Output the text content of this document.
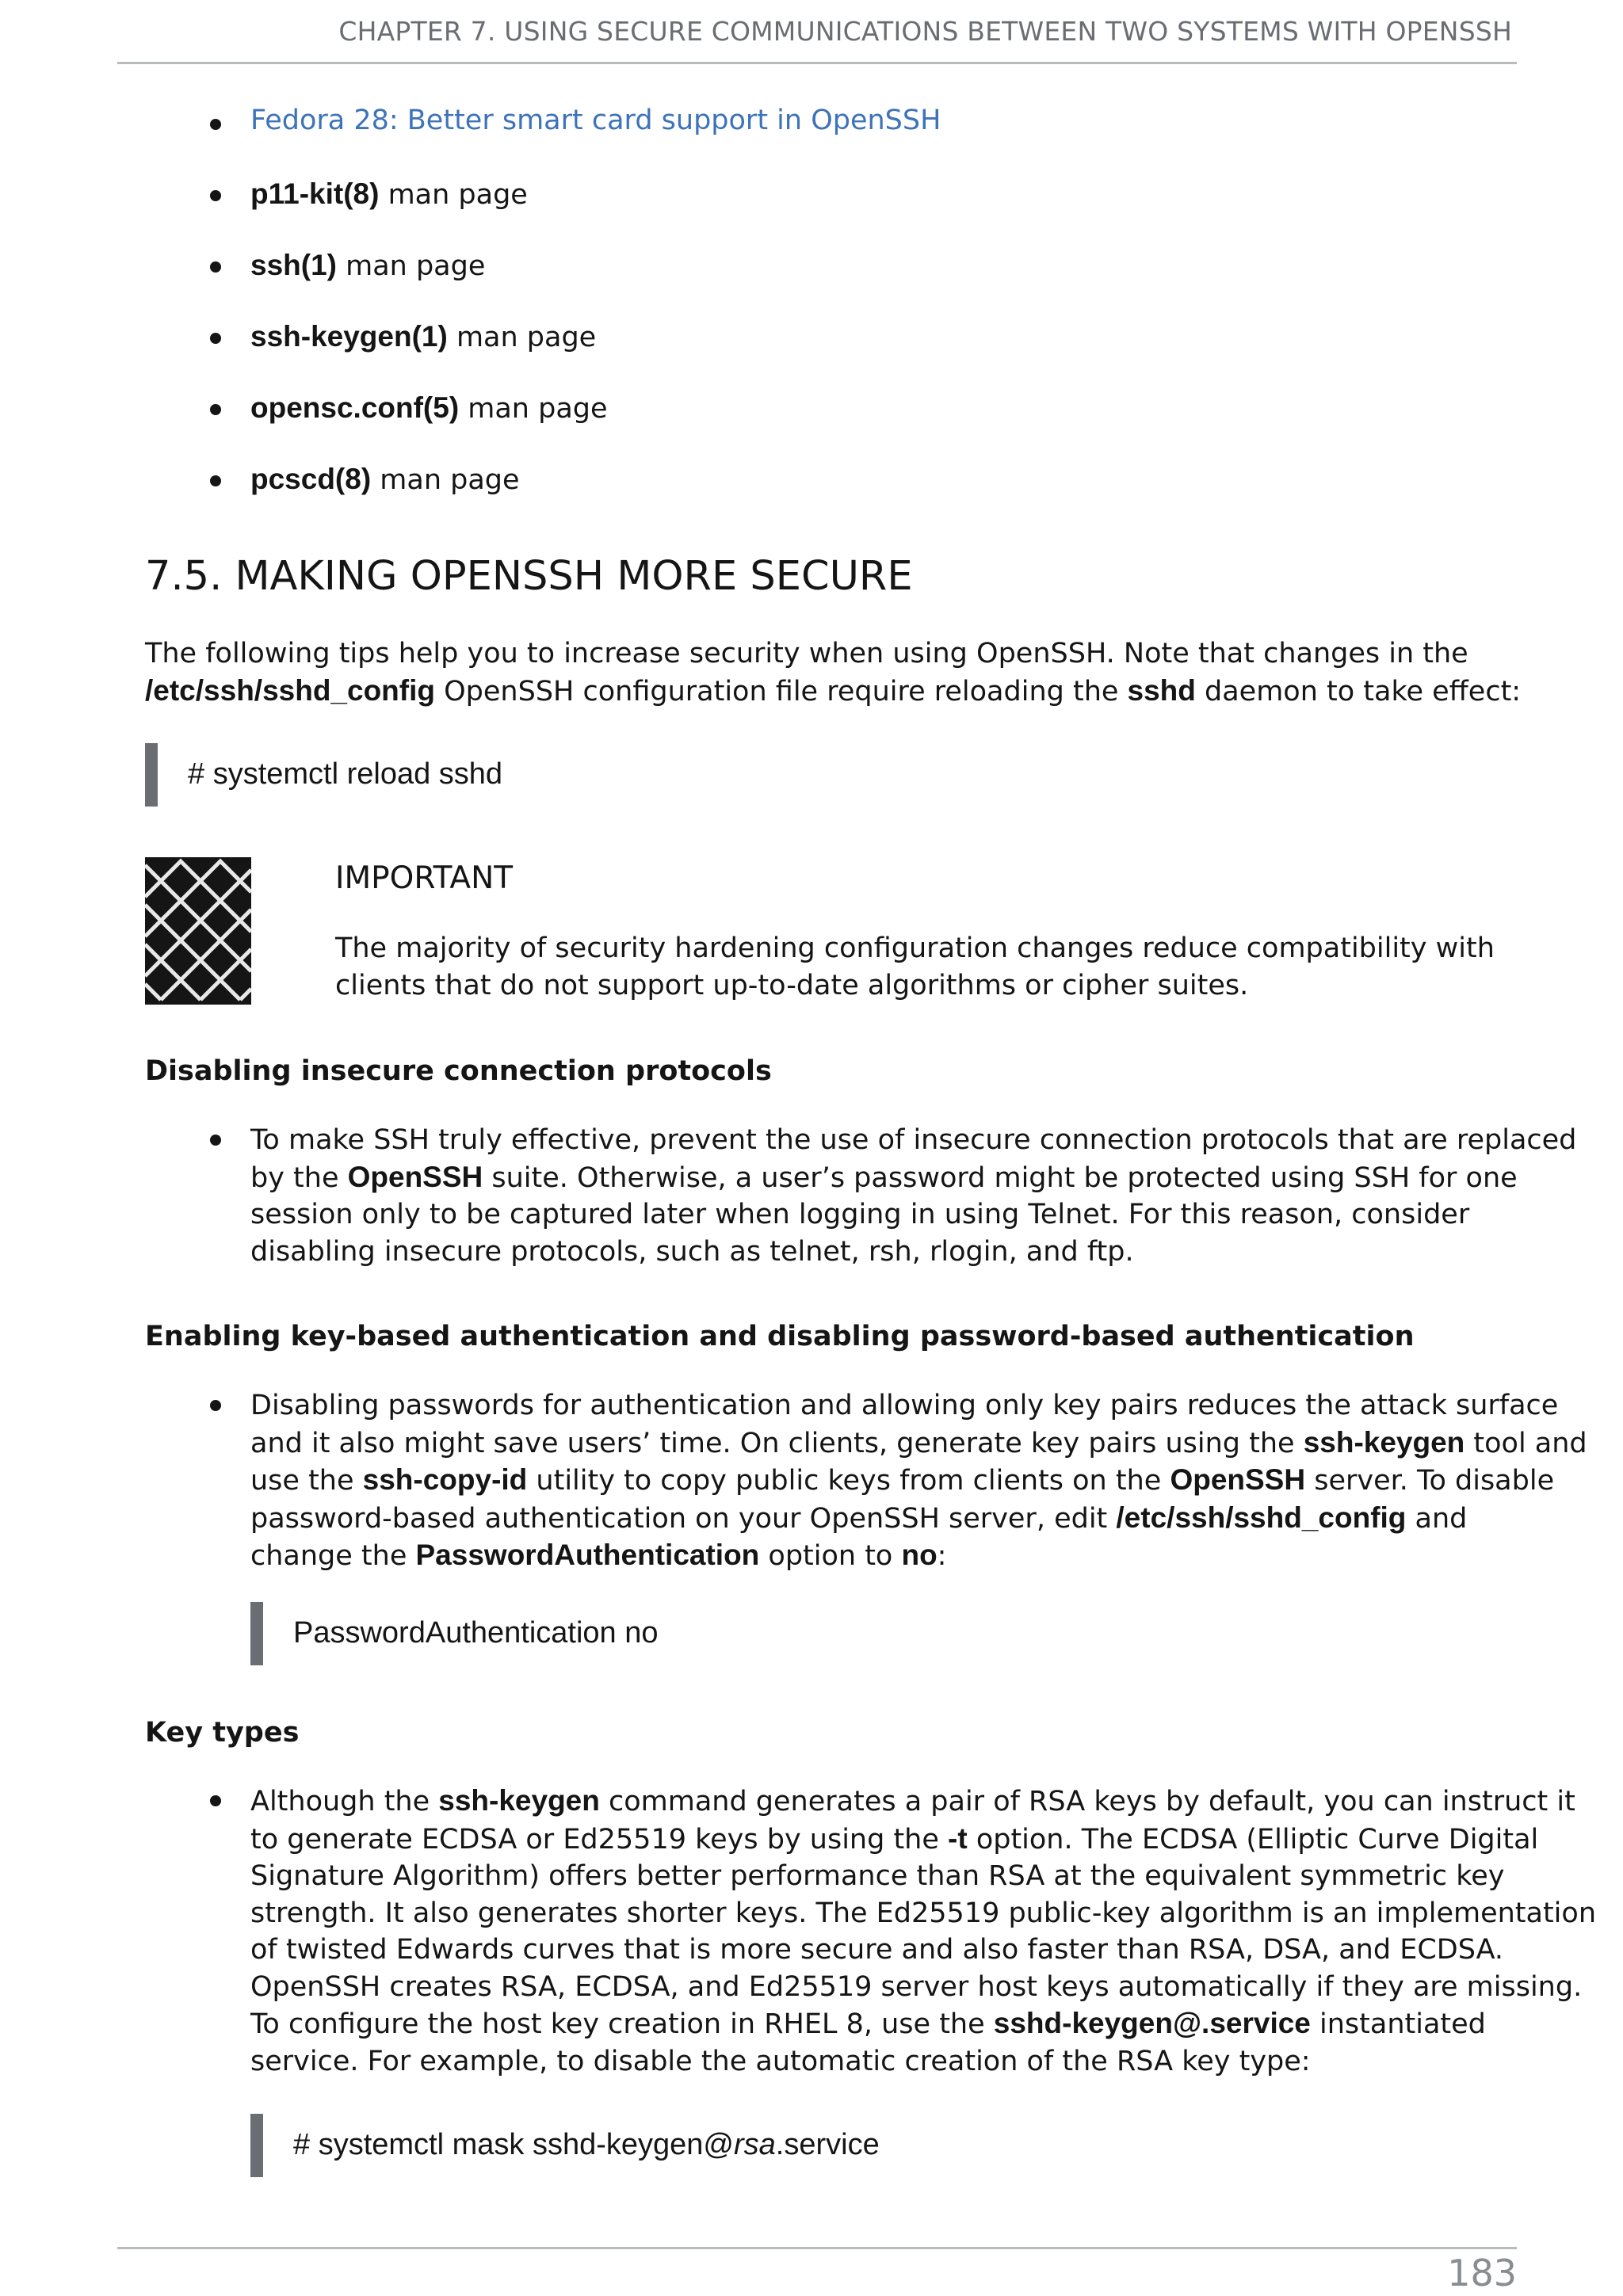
CHAPTER 7. USING SECURE COMMUNICATIONS BETWEEN TWO SYSTEMS WITH OPENSSH
Fedora 28: Better smart card support in OpenSSH
p11-kit(8) man page
ssh(1) man page
ssh-keygen(1) man page
opensc.conf(5) man page
pcscd(8) man page
7.5. MAKING OPENSSH MORE SECURE

The following tips help you to increase security when using OpenSSH. Note that changes in the
/etc/ssh/sshd_config OpenSSH configuration file require reloading the sshd daemon to take effect:

# systemctl reload sshd
IMPORTANT

The majority of security hardening configuration changes reduce compatibility with
clients that do not support up-to-date algorithms or cipher suites.

Disabling insecure connection protocols

To make SSH truly effective, prevent the use of insecure connection protocols that are replaced
by the OpenSSH suite. Otherwise, a user’s password might be protected using SSH for one
session only to be captured later when logging in using Telnet. For this reason, consider
disabling insecure protocols, such as telnet, rsh, rlogin, and ftp.

Enabling key-based authentication and disabling password-based authentication

Disabling passwords for authentication and allowing only key pairs reduces the attack surface
and it also might save users’ time. On clients, generate key pairs using the ssh-keygen tool and
use the ssh-copy-id utility to copy public keys from clients on the OpenSSH server. To disable
password-based authentication on your OpenSSH server, edit /etc/ssh/sshd_config and
change the PasswordAuthentication option to no:

PasswordAuthentication no
Key types

Although the ssh-keygen command generates a pair of RSA keys by default, you can instruct it
to generate ECDSA or Ed25519 keys by using the -t option. The ECDSA (Elliptic Curve Digital
Signature Algorithm) offers better performance than RSA at the equivalent symmetric key
strength. It also generates shorter keys. The Ed25519 public-key algorithm is an implementation
of twisted Edwards curves that is more secure and also faster than RSA, DSA, and ECDSA.
OpenSSH creates RSA, ECDSA, and Ed25519 server host keys automatically if they are missing.
To configure the host key creation in RHEL 8, use the sshd-keygen@.service instantiated
service. For example, to disable the automatic creation of the RSA key type:

# systemctl mask sshd-keygen@rsa.service
183
